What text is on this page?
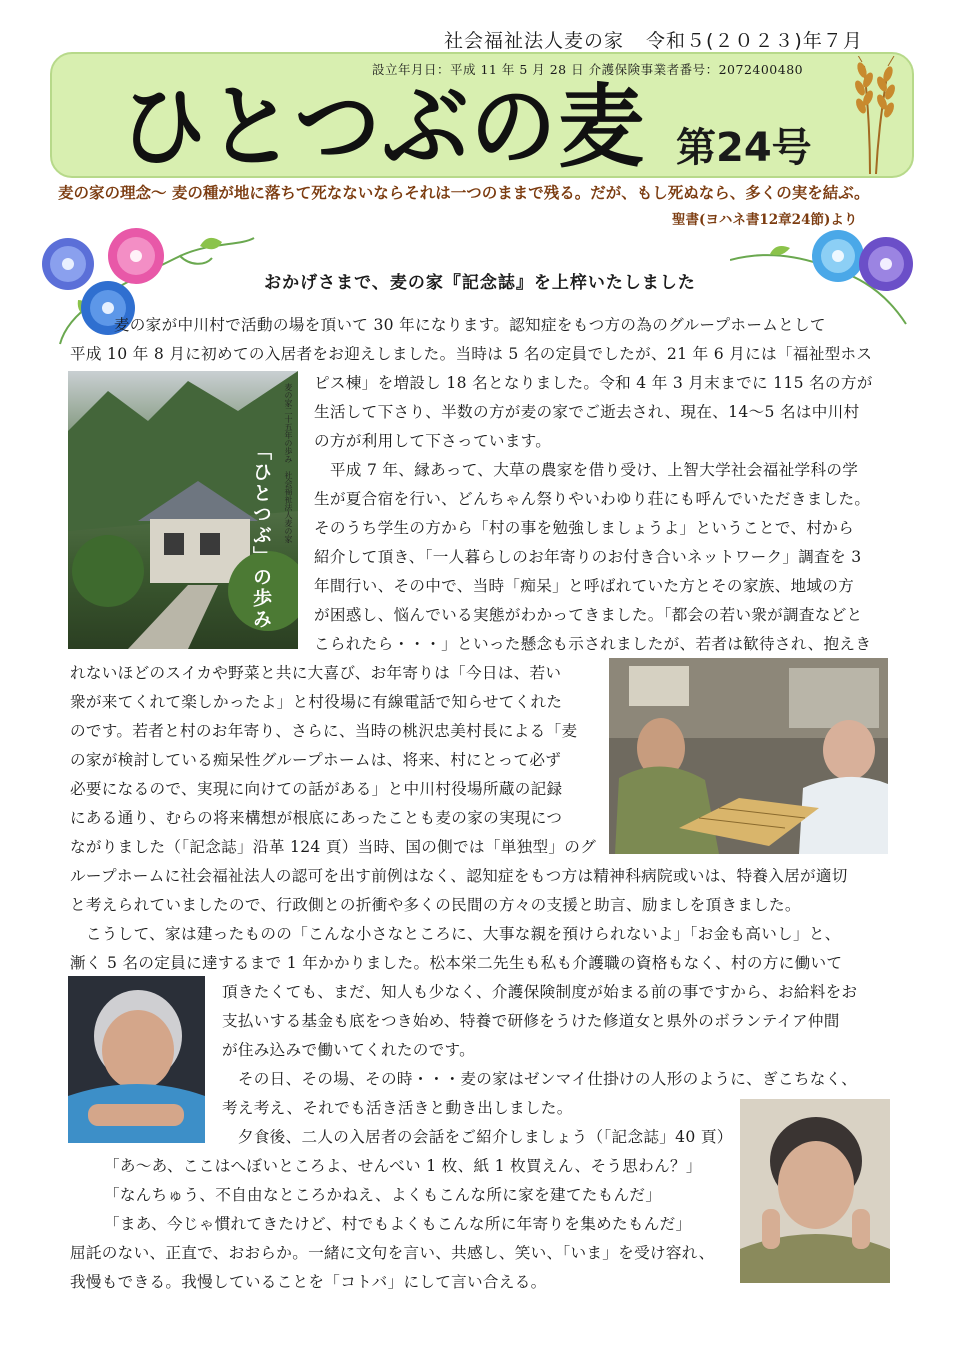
社会福祉法人麦の家 令和５(２０２３)年７月
設立年月日：平成 11 年 5 月 28 日 介護保険事業者番号：2072400480
ひとつぶの麦 第24号
麦の家の理念～ 麦の種が地に落ちて死なないならそれは一つのままで残る。だが、もし死ぬなら、多くの実を結ぶ。
聖書(ヨハネ書12章24節)より
おかげさまで、麦の家『記念誌』を上梓いたしました
麦の家二十五年の歩み　社会福祉法人麦の家
「ひとつぶ」の歩み
　麦の家が中川村で活動の場を頂いて 30 年になります。認知症をもつ方の為のグループホームとして
平成 10 年 8 月に初めての入居者をお迎えしました。当時は 5 名の定員でしたが、21 年 6 月には「福祉型ホス
ピス棟」を増設し 18 名となりました。令和 4 年 3 月末までに 115 名の方が
生活して下さり、半数の方が麦の家でご逝去され、現在、14～5 名は中川村
の方が利用して下さっています。
　平成 7 年、縁あって、大草の農家を借り受け、上智大学社会福祉学科の学
生が夏合宿を行い、どんちゃん祭りやいわゆり荘にも呼んでいただきました。
そのうち学生の方から「村の事を勉強しましょうよ」ということで、村から
紹介して頂き、「一人暮らしのお年寄りのお付き合いネットワーク」調査を 3
年間行い、その中で、当時「痴呆」と呼ばれていた方とその家族、地域の方
が困惑し、悩んでいる実態がわかってきました。「都会の若い衆が調査などと
こられたら・・・」といった懸念も示されましたが、若者は歓待され、抱えき
れないほどのスイカや野菜と共に大喜び、お年寄りは「今日は、若い
衆が来てくれて楽しかったよ」と村役場に有線電話で知らせてくれた
のです。若者と村のお年寄り、さらに、当時の桃沢忠美村長による「麦
の家が検討している痴呆性グループホームは、将来、村にとって必ず
必要になるので、実現に向けての話がある」と中川村役場所蔵の記録
にある通り、むらの将来構想が根底にあったことも麦の家の実現につ
ながりました（「記念誌」沿革 124 頁）当時、国の側では「単独型」のグ
ループホームに社会福祉法人の認可を出す前例はなく、認知症をもつ方は精神科病院或いは、特養入居が適切
と考えられていましたので、行政側との折衝や多くの民間の方々の支援と助言、励ましを頂きました。
　こうして、家は建ったものの「こんな小さなところに、大事な親を預けられないよ」「お金も高いし」と、
漸く 5 名の定員に達するまで 1 年かかりました。松本栄二先生も私も介護職の資格もなく、村の方に働いて
頂きたくても、まだ、知人も少なく、介護保険制度が始まる前の事ですから、お給料をお
支払いする基金も底をつき始め、特養で研修をうけた修道女と県外のボランテイア仲間
が住み込みで働いてくれたのです。
　その日、その場、その時・・・麦の家はゼンマイ仕掛けの人形のように、ぎこちなく、
考え考え、それでも活き活きと動き出しました。
　夕食後、二人の入居者の会話をご紹介しましょう（「記念誌」40 頁）
「あ～あ、ここはへぼいところよ、せんべい 1 枚、紙 1 枚買えん、そう思わん？」
「なんちゅう、不自由なところかねえ、よくもこんな所に家を建てたもんだ」
「まあ、今じゃ慣れてきたけど、村でもよくもこんな所に年寄りを集めたもんだ」
屈託のない、正直で、おおらか。一緒に文句を言い、共感し、笑い、「いま」を受け容れ、
我慢もできる。我慢していることを「コトバ」にして言い合える。
